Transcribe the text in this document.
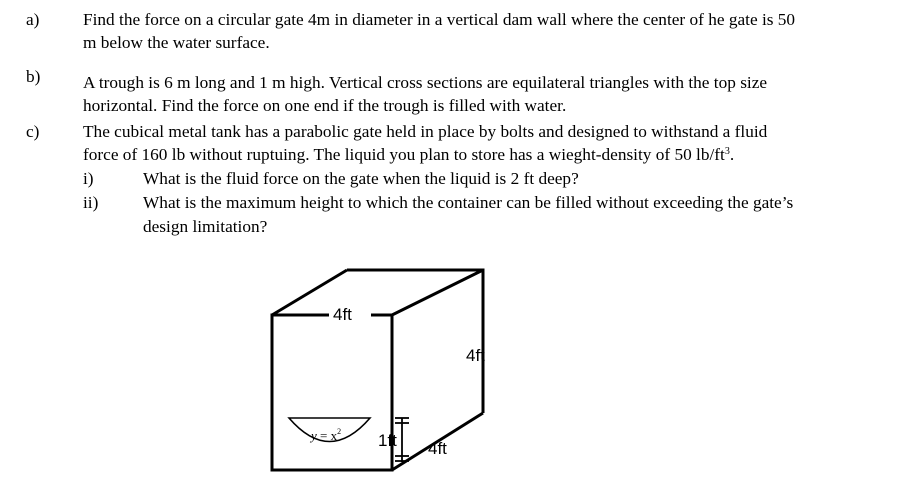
a)	Find the force on a circular gate 4m in diameter in a vertical dam wall where the center of he gate is 50
m below the water surface.
b) A trough is 6 m long and 1 m high. Vertical cross sections are equilateral triangles with the top size
horizontal. Find the force on one end if the trough is filled with water.
c)	The cubical metal tank has a parabolic gate held in place by bolts and designed to withstand a fluid
force of 160 lb without ruptuing. The liquid you plan to store has a wieght-density of 50 $lb/ft^3$.
i)	What is the fluid force on the gate when the liquid is 2 ft deep?
ii)	What is the maximum height to which the container can be filled without exceeding the gate’s
design limitation?
4ft
4ft
4ft
1ft
$y = x^2$
